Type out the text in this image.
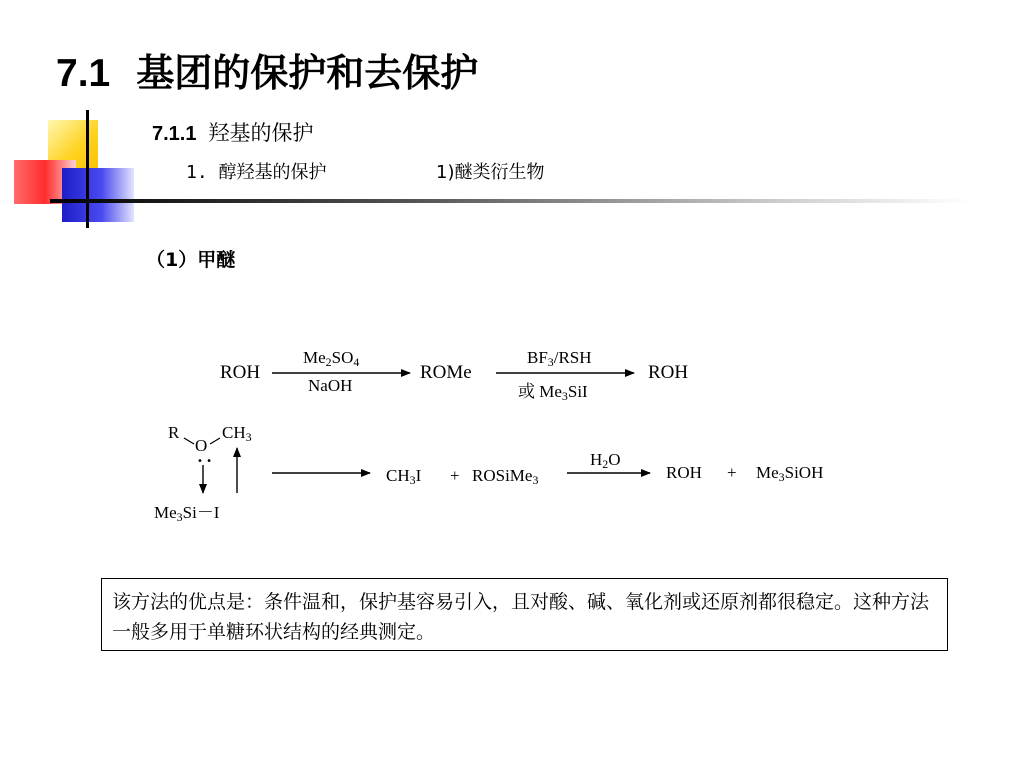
7.1 基团的保护和去保护
7.1.1 羟基的保护
1. 醇羟基的保护	1)醚类衍生物
（1）甲醚
ROH
$Me_2SO_4$
NaOH
ROMe
$BF_3$/RSH
或 $Me_3SiI$
ROH
R
O
• •
$CH_3$
$Me_3Si-I$
$CH_3I$ + ROSiMe$_3$
$H_2O$
ROH + $Me_3SiOH$
该方法的优点是：条件温和，保护基容易引入，且对酸、碱、氧化剂或还原剂都很稳定。这种方法一般多用于单糖环状结构的经典测定。
